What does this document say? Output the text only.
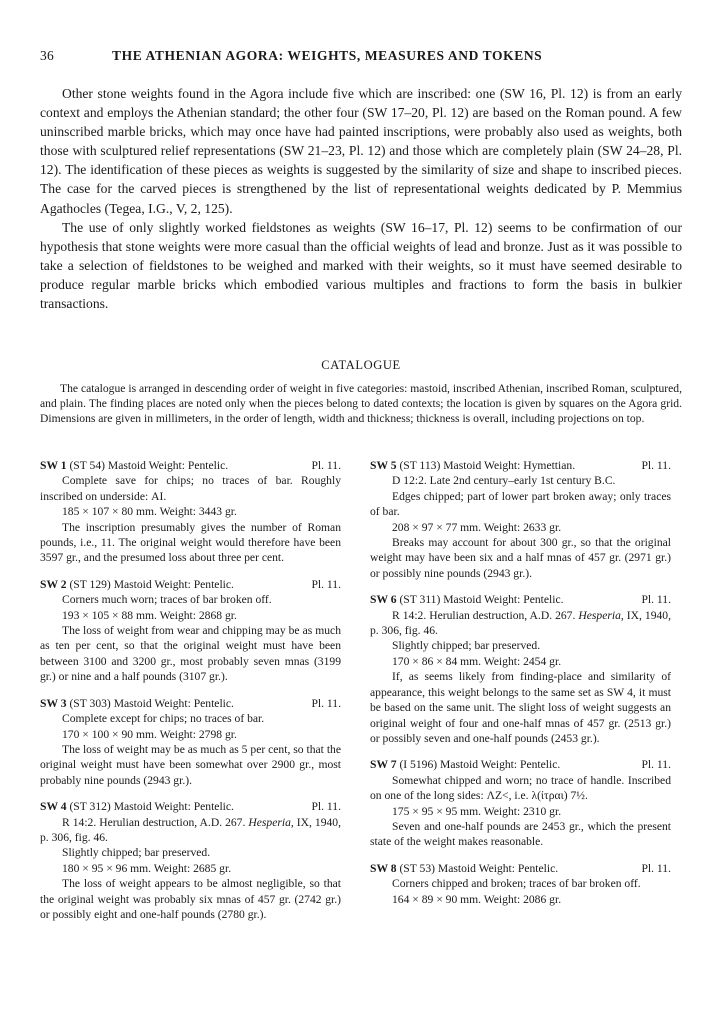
36	THE ATHENIAN AGORA: WEIGHTS, MEASURES AND TOKENS

Other stone weights found in the Agora include five which are inscribed: one (SW 16, Pl. 12) is from an early context and employs the Athenian standard; the other four (SW 17–20, Pl. 12) are based on the Roman pound. A few uninscribed marble bricks, which may once have had painted inscriptions, were probably also used as weights, both those with sculptured relief representations (SW 21–23, Pl. 12) and those which are completely plain (SW 24–28, Pl. 12). The identification of these pieces as weights is suggested by the similarity of size and shape to inscribed pieces. The case for the carved pieces is strengthened by the list of representational weights dedicated by P. Memmius Agathocles (Tegea, I.G., V, 2, 125).

The use of only slightly worked fieldstones as weights (SW 16–17, Pl. 12) seems to be confirmation of our hypothesis that stone weights were more casual than the official weights of lead and bronze. Just as it was possible to take a selection of fieldstones to be weighed and marked with their weights, so it must have seemed desirable to produce regular marble bricks which embodied various multiples and fractions to form the basis in bulkier transactions.

CATALOGUE

The catalogue is arranged in descending order of weight in five categories: mastoid, inscribed Athenian, inscribed Roman, sculptured, and plain. The finding places are noted only when the pieces belong to dated contexts; the location is given by squares on the Agora grid. Dimensions are given in millimeters, in the order of length, width and thickness; thickness is overall, including projections on top.

SW 1 (ST 54) Mastoid Weight: Pentelic.	Pl. 11.
Complete save for chips; no traces of bar. Roughly inscribed on underside: ΑΙ.
185 × 107 × 80 mm. Weight: 3443 gr.
The inscription presumably gives the number of Roman pounds, i.e., 11. The original weight would therefore have been 3597 gr., and the presumed loss about three per cent.
SW 2 (ST 129) Mastoid Weight: Pentelic.	Pl. 11.
Corners much worn; traces of bar broken off.
193 × 105 × 88 mm. Weight: 2868 gr.
The loss of weight from wear and chipping may be as much as ten per cent, so that the original weight must have been between 3100 and 3200 gr., most probably seven mnas (3199 gr.) or nine and a half pounds (3107 gr.).
SW 3 (ST 303) Mastoid Weight: Pentelic.	Pl. 11.
Complete except for chips; no traces of bar.
170 × 100 × 90 mm. Weight: 2798 gr.
The loss of weight may be as much as 5 per cent, so that the original weight must have been somewhat over 2900 gr., most probably nine pounds (2943 gr.).
SW 4 (ST 312) Mastoid Weight: Pentelic.	Pl. 11.
R 14:2. Herulian destruction, A.D. 267. Hesperia, IX, 1940, p. 306, fig. 46.
Slightly chipped; bar preserved.
180 × 95 × 96 mm. Weight: 2685 gr.
The loss of weight appears to be almost negligible, so that the original weight was probably six mnas of 457 gr. (2742 gr.) or possibly eight and one-half pounds (2780 gr.).
SW 5 (ST 113) Mastoid Weight: Hymettian.	Pl. 11.
D 12:2. Late 2nd century–early 1st century B.C.
Edges chipped; part of lower part broken away; only traces of bar.
208 × 97 × 77 mm. Weight: 2633 gr.
Breaks may account for about 300 gr., so that the original weight may have been six and a half mnas of 457 gr. (2971 gr.) or possibly nine pounds (2943 gr.).
SW 6 (ST 311) Mastoid Weight: Pentelic.	Pl. 11.
R 14:2. Herulian destruction, A.D. 267. Hesperia, IX, 1940, p. 306, fig. 46.
Slightly chipped; bar preserved.
170 × 86 × 84 mm. Weight: 2454 gr.
If, as seems likely from finding-place and similarity of appearance, this weight belongs to the same set as SW 4, it must be based on the same unit. The slight loss of weight suggests an original weight of four and one-half mnas of 457 gr. (2513 gr.) or possibly seven and one-half pounds (2453 gr.).
SW 7 (I 5196) Mastoid Weight: Pentelic.	Pl. 11.
Somewhat chipped and worn; no trace of handle. Inscribed on one of the long sides: ΛΖ<, i.e. λ(ίτραι) 7½.
175 × 95 × 95 mm. Weight: 2310 gr.
Seven and one-half pounds are 2453 gr., which the present state of the weight makes reasonable.
SW 8 (ST 53) Mastoid Weight: Pentelic.	Pl. 11.
Corners chipped and broken; traces of bar broken off.
164 × 89 × 90 mm. Weight: 2086 gr.
